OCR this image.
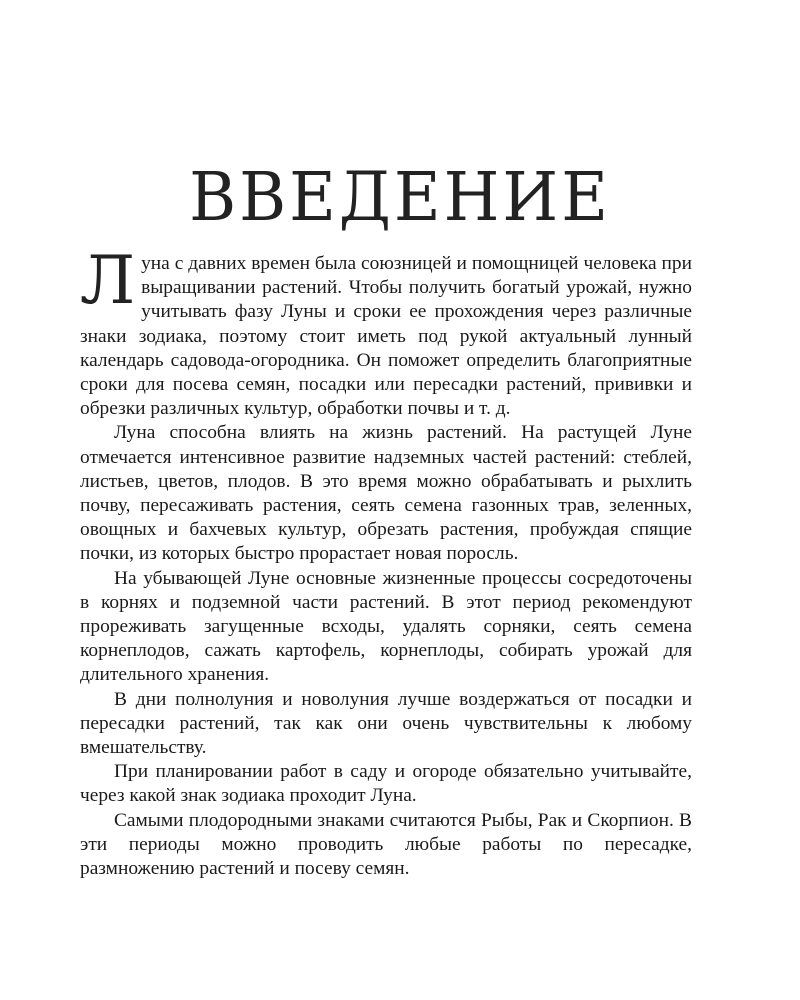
ВВЕДЕНИЕ

Луна с давних времен была союзницей и помощницей человека при выращивании растений. Чтобы получить богатый урожай, нужно учитывать фазу Луны и сроки ее прохождения через различные знаки зодиака, поэтому стоит иметь под рукой актуальный лунный календарь садовода-огородника. Он поможет определить благоприятные сроки для посева семян, посадки или пересадки растений, прививки и обрезки различных культур, обработки почвы и т. д.

Луна способна влиять на жизнь растений. На растущей Луне отмечается интенсивное развитие надземных частей растений: стеблей, листьев, цветов, плодов. В это время можно обрабатывать и рыхлить почву, пересаживать растения, сеять семена газонных трав, зеленных, овощных и бахчевых культур, обрезать растения, пробуждая спящие почки, из которых быстро прорастает новая поросль.

На убывающей Луне основные жизненные процессы сосредоточены в корнях и подземной части растений. В этот период рекомендуют прореживать загущенные всходы, удалять сорняки, сеять семена корнеплодов, сажать картофель, корнеплоды, собирать урожай для длительного хранения.

В дни полнолуния и новолуния лучше воздержаться от посадки и пересадки растений, так как они очень чувствительны к любому вмешательству.

При планировании работ в саду и огороде обязательно учитывайте, через какой знак зодиака проходит Луна.

Самыми плодородными знаками считаются Рыбы, Рак и Скорпион. В эти периоды можно проводить любые работы по пересадке, размножению растений и посеву семян.
